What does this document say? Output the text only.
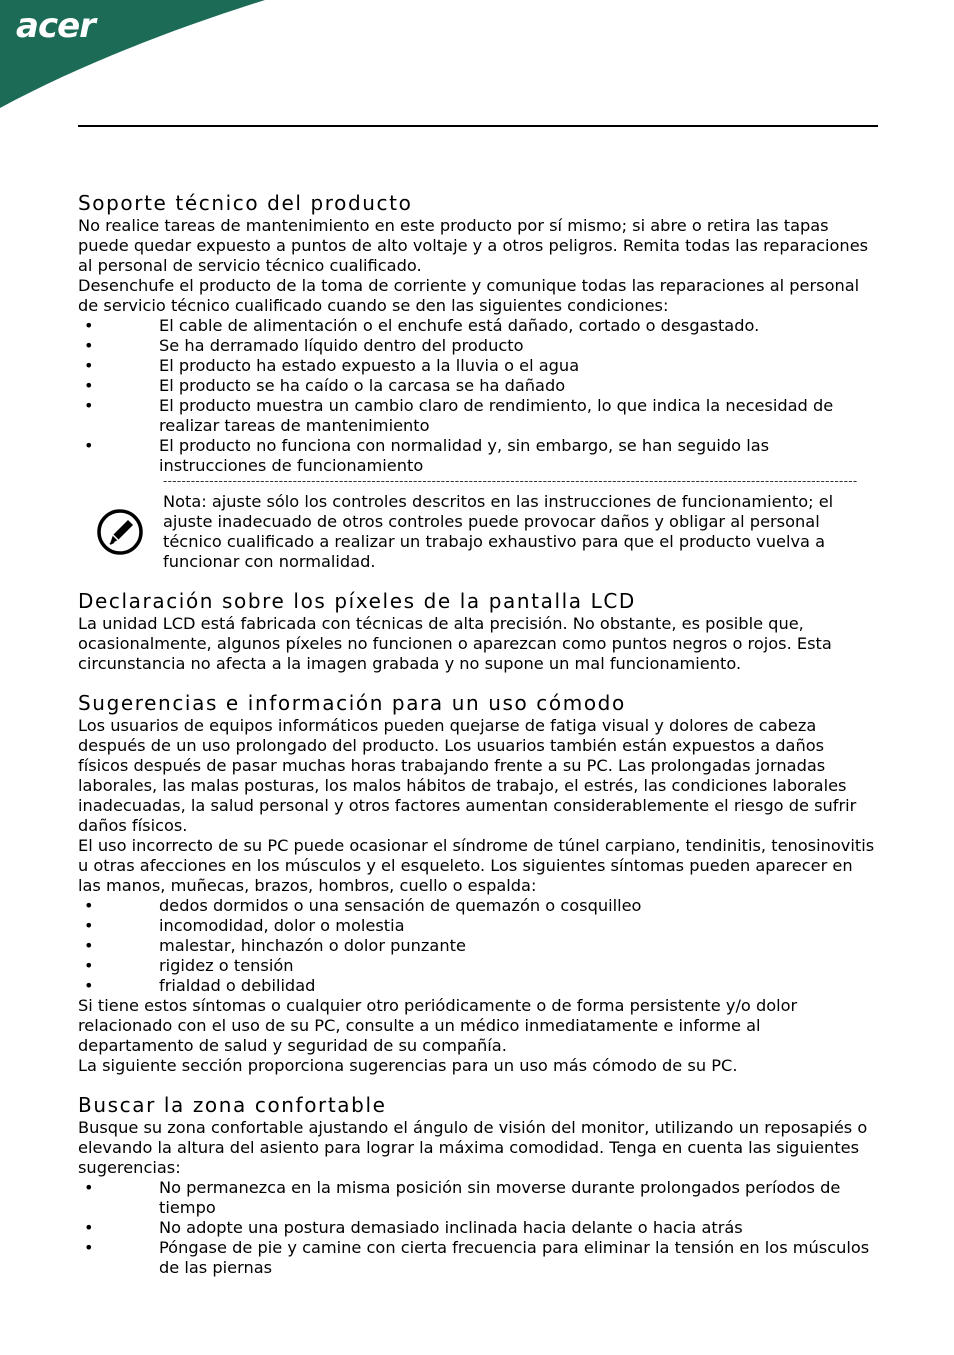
acer
Soporte técnico del producto

No realice tareas de mantenimiento en este producto por sí mismo; si abre o retira las tapas puede quedar expuesto a puntos de alto voltaje y a otros peligros. Remita todas las reparaciones al personal de servicio técnico cualificado.

Desenchufe el producto de la toma de corriente y comunique todas las reparaciones al personal de servicio técnico cualificado cuando se den las siguientes condiciones:

• El cable de alimentación o el enchufe está dañado, cortado o desgastado.
• Se ha derramado líquido dentro del producto
• El producto ha estado expuesto a la lluvia o el agua
• El producto se ha caído o la carcasa se ha dañado
• El producto muestra un cambio claro de rendimiento, lo que indica la necesidad de realizar tareas de mantenimiento
• El producto no funciona con normalidad y, sin embargo, se han seguido las instrucciones de funcionamiento
------------------------------------------------------------------------------------------------------------------------------------------------------

Nota: ajuste sólo los controles descritos en las instrucciones de funcionamiento; el ajuste inadecuado de otros controles puede provocar daños y obligar al personal técnico cualificado a realizar un trabajo exhaustivo para que el producto vuelva a funcionar con normalidad.

Declaración sobre los píxeles de la pantalla LCD

La unidad LCD está fabricada con técnicas de alta precisión. No obstante, es posible que, ocasionalmente, algunos píxeles no funcionen o aparezcan como puntos negros o rojos. Esta circunstancia no afecta a la imagen grabada y no supone un mal funcionamiento.

Sugerencias e información para un uso cómodo

Los usuarios de equipos informáticos pueden quejarse de fatiga visual y dolores de cabeza después de un uso prolongado del producto. Los usuarios también están expuestos a daños físicos después de pasar muchas horas trabajando frente a su PC. Las prolongadas jornadas laborales, las malas posturas, los malos hábitos de trabajo, el estrés, las condiciones laborales inadecuadas, la salud personal y otros factores aumentan considerablemente el riesgo de sufrir daños físicos.

El uso incorrecto de su PC puede ocasionar el síndrome de túnel carpiano, tendinitis, tenosinovitis u otras afecciones en los músculos y el esqueleto. Los siguientes síntomas pueden aparecer en las manos, muñecas, brazos, hombros, cuello o espalda:

• dedos dormidos o una sensación de quemazón o cosquilleo
• incomodidad, dolor o molestia
• malestar, hinchazón o dolor punzante
• rigidez o tensión
• frialdad o debilidad

Si tiene estos síntomas o cualquier otro periódicamente o de forma persistente y/o dolor relacionado con el uso de su PC, consulte a un médico inmediatamente e informe al departamento de salud y seguridad de su compañía.

La siguiente sección proporciona sugerencias para un uso más cómodo de su PC.

Buscar la zona confortable

Busque su zona confortable ajustando el ángulo de visión del monitor, utilizando un reposapiés o elevando la altura del asiento para lograr la máxima comodidad. Tenga en cuenta las siguientes sugerencias:

• No permanezca en la misma posición sin moverse durante prolongados períodos de tiempo
• No adopte una postura demasiado inclinada hacia delante o hacia atrás
• Póngase de pie y camine con cierta frecuencia para eliminar la tensión en los músculos de las piernas
